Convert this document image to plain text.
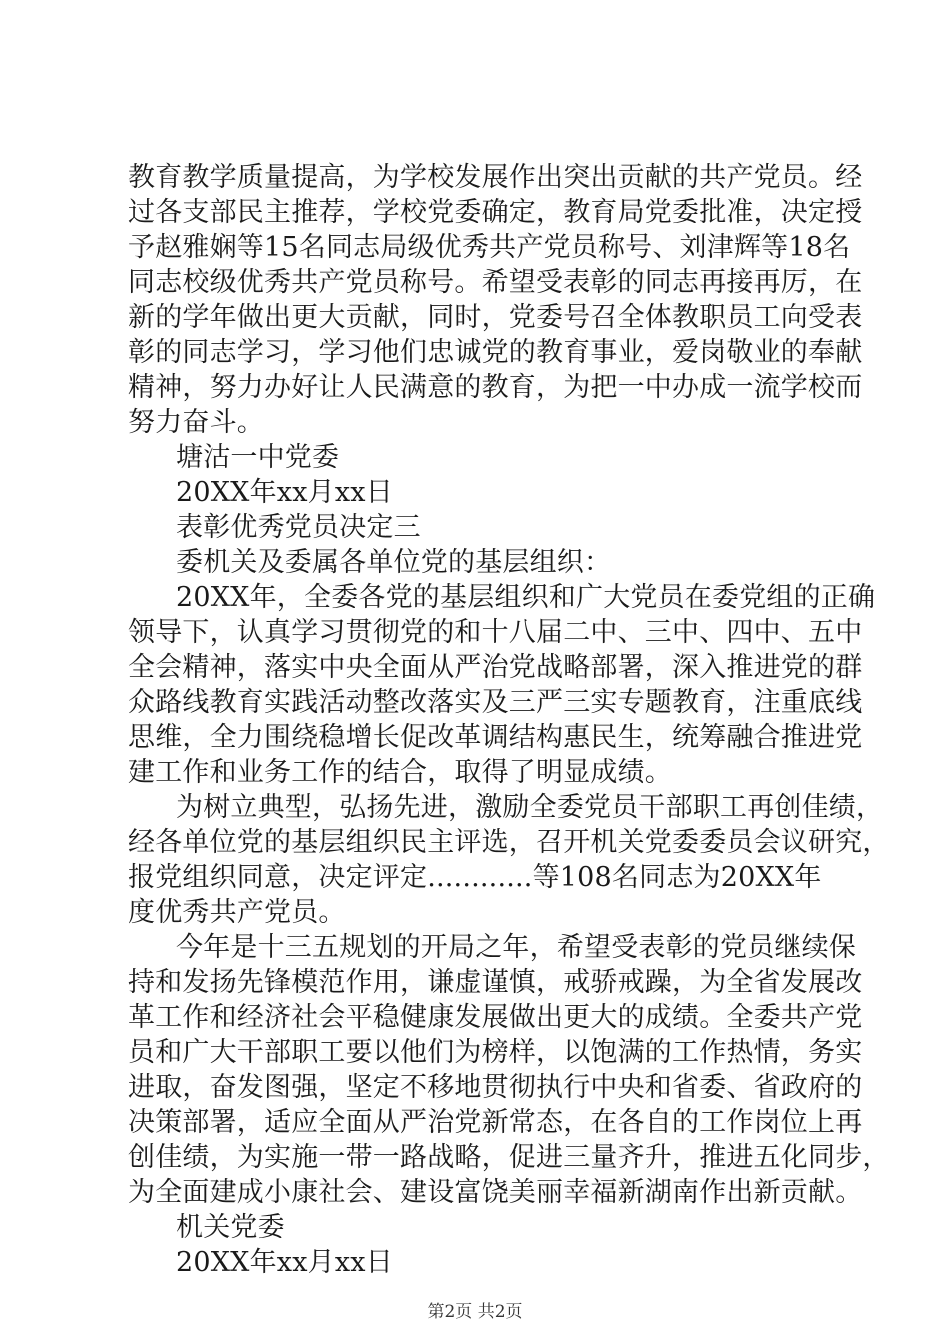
教育教学质量提高，为学校发展作出突出贡献的共产党员。经
过各支部民主推荐，学校党委确定，教育局党委批准，决定授
予赵雅娴等15名同志局级优秀共产党员称号、刘津辉等18名
同志校级优秀共产党员称号。希望受表彰的同志再接再厉，在
新的学年做出更大贡献，同时，党委号召全体教职员工向受表
彰的同志学习，学习他们忠诚党的教育事业，爱岗敬业的奉献
精神，努力办好让人民满意的教育，为把一中办成一流学校而
努力奋斗。
塘沽一中党委
20XX年xx月xx日
表彰优秀党员决定三
委机关及委属各单位党的基层组织：
20XX年，全委各党的基层组织和广大党员在委党组的正确
领导下，认真学习贯彻党的和十八届二中、三中、四中、五中
全会精神，落实中央全面从严治党战略部署，深入推进党的群
众路线教育实践活动整改落实及三严三实专题教育，注重底线
思维，全力围绕稳增长促改革调结构惠民生，统筹融合推进党
建工作和业务工作的结合，取得了明显成绩。
为树立典型，弘扬先进，激励全委党员干部职工再创佳绩，
经各单位党的基层组织民主评选，召开机关党委委员会议研究，
报党组织同意，决定评定............等108名同志为20XX年
度优秀共产党员。
今年是十三五规划的开局之年，希望受表彰的党员继续保
持和发扬先锋模范作用，谦虚谨慎，戒骄戒躁，为全省发展改
革工作和经济社会平稳健康发展做出更大的成绩。全委共产党
员和广大干部职工要以他们为榜样，以饱满的工作热情，务实
进取，奋发图强，坚定不移地贯彻执行中央和省委、省政府的
决策部署，适应全面从严治党新常态，在各自的工作岗位上再
创佳绩，为实施一带一路战略，促进三量齐升，推进五化同步，
为全面建成小康社会、建设富饶美丽幸福新湖南作出新贡献。
机关党委
20XX年xx月xx日
第2页 共2页
